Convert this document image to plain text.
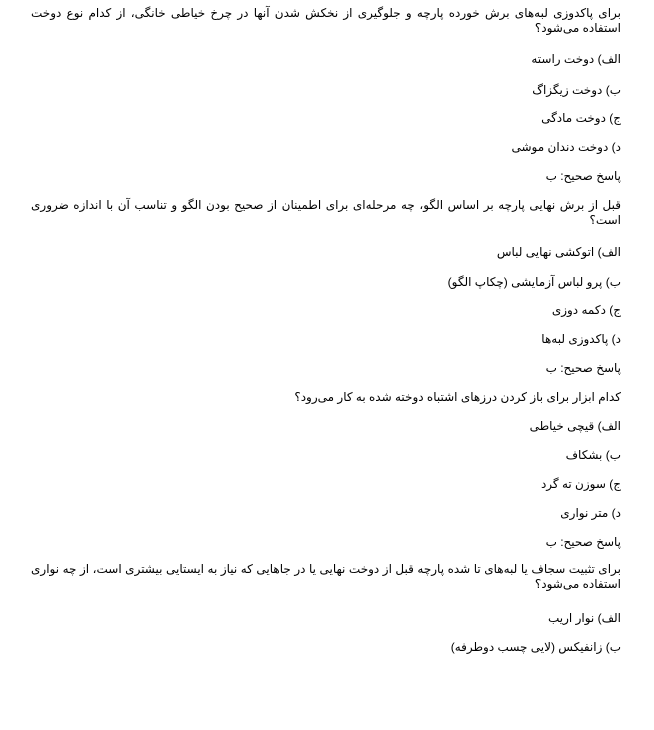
برای پاکدوزی لبه‌های برش خورده پارچه و جلوگیری از نخکش شدن آنها در چرخ خیاطی خانگی، از کدام نوع دوخت استفاده می‌شود؟
الف) دوخت راسته
ب) دوخت زیگزاگ
ج) دوخت مادگی
د) دوخت دندان موشی
پاسخ صحیح: ب
قبل از برش نهایی پارچه بر اساس الگو، چه مرحله‌ای برای اطمینان از صحیح بودن الگو و تناسب آن با اندازه ضروری است؟
الف) اتوکشی نهایی لباس
ب) پرو لباس آزمایشی (چکاپ الگو)
ج) دکمه دوزی
د) پاکدوزی لبه‌ها
پاسخ صحیح: ب
کدام ابزار برای باز کردن درزهای اشتباه دوخته شده به کار می‌رود؟
الف) قیچی خیاطی
ب) بشکاف
ج) سوزن ته گرد
د) متر نواری
پاسخ صحیح: ب
برای تثبیت سجاف یا لبه‌های تا شده پارچه قبل از دوخت نهایی یا در جاهایی که نیاز به ایستایی بیشتری است، از چه نواری استفاده می‌شود؟
الف) نوار اریب
ب) زانفیکس (لایی چسب دوطرفه)
